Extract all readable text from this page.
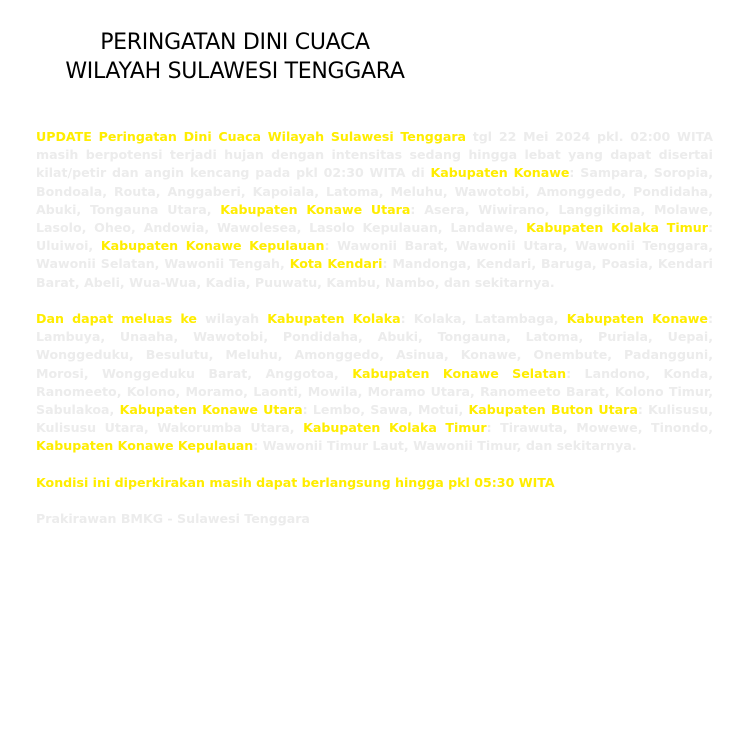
PERINGATAN DINI CUACA
WILAYAH SULAWESI TENGGARA

UPDATE Peringatan Dini Cuaca Wilayah Sulawesi Tenggara tgl 22 Mei 2024 pkl. 02:00 WITA masih berpotensi terjadi hujan dengan intensitas sedang hingga lebat yang dapat disertai kilat/petir dan angin kencang pada pkl 02:30 WITA di Kabupaten Konawe: Sampara, Soropia, Bondoala, Routa, Anggaberi, Kapoiala, Latoma, Meluhu, Wawotobi, Amonggedo, Pondidaha, Abuki, Tongauna Utara, Kabupaten Konawe Utara: Asera, Wiwirano, Langgikima, Molawe, Lasolo, Oheo, Andowia, Wawolesea, Lasolo Kepulauan, Landawe, Kabupaten Kolaka Timur: Uluiwoi, Kabupaten Konawe Kepulauan: Wawonii Barat, Wawonii Utara, Wawonii Tenggara, Wawonii Selatan, Wawonii Tengah, Kota Kendari: Mandonga, Kendari, Baruga, Poasia, Kendari Barat, Abeli, Wua-Wua, Kadia, Puuwatu, Kambu, Nambo, dan sekitarnya.

Dan dapat meluas ke wilayah Kabupaten Kolaka: Kolaka, Latambaga, Kabupaten Konawe: Lambuya, Unaaha, Wawotobi, Pondidaha, Abuki, Tongauna, Latoma, Puriala, Uepai, Wonggeduku, Besulutu, Meluhu, Amonggedo, Asinua, Konawe, Onembute, Padangguni, Morosi, Wonggeduku Barat, Anggotoa, Kabupaten Konawe Selatan: Landono, Konda, Ranomeeto, Kolono, Moramo, Laonti, Mowila, Moramo Utara, Ranomeeto Barat, Kolono Timur, Sabulakoa, Kabupaten Konawe Utara: Lembo, Sawa, Motui, Kabupaten Buton Utara: Kulisusu, Kulisusu Utara, Wakorumba Utara, Kabupaten Kolaka Timur: Tirawuta, Mowewe, Tinondo, Kabupaten Konawe Kepulauan: Wawonii Timur Laut, Wawonii Timur, dan sekitarnya.

Kondisi ini diperkirakan masih dapat berlangsung hingga pkl 05:30 WITA

Prakirawan BMKG - Sulawesi Tenggara
